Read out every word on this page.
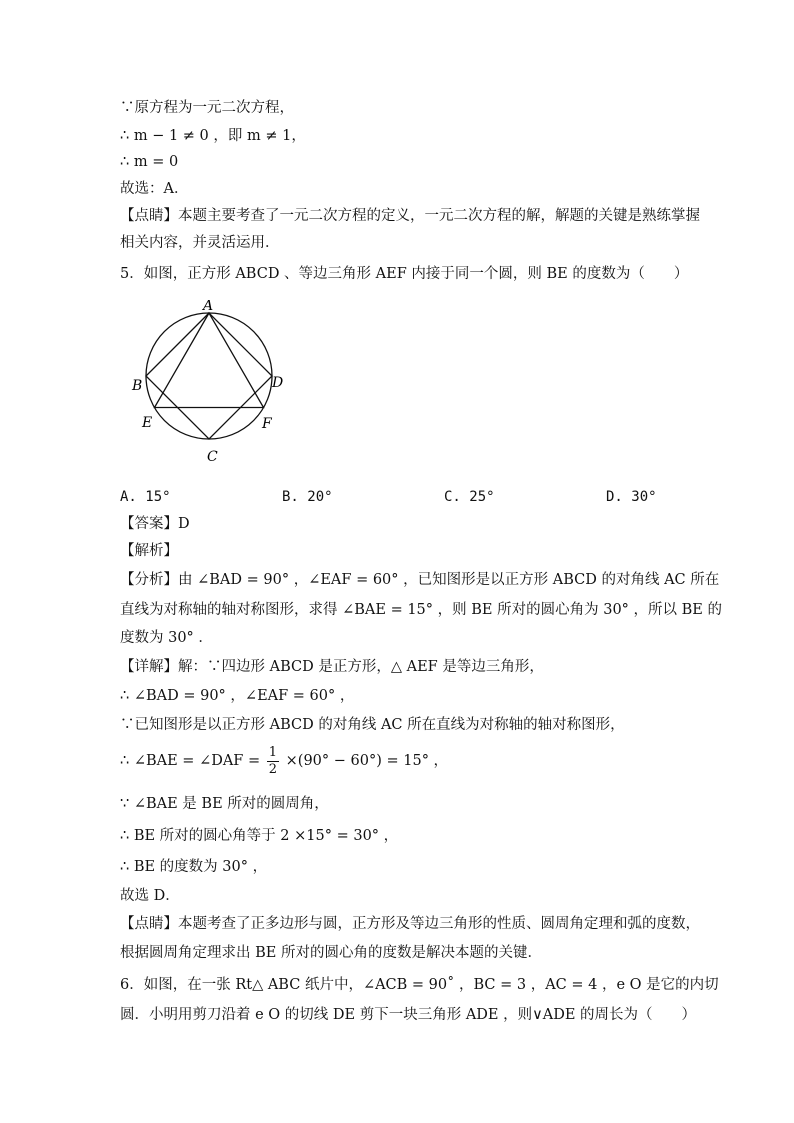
∵原方程为一元二次方程，
∴ m − 1 ≠ 0 ，即 m ≠ 1，
∴ m = 0
故选：A．
【点睛】本题主要考查了一元二次方程的定义，一元二次方程的解，解题的关键是熟练掌握
相关内容，并灵活运用．
5．如图，正方形 ABCD 、等边三角形 AEF 内接于同一个圆，则 BE 的度数为（　　）
A
B	D
E	F
C
A. 15°	B. 20°	C. 25°	D. 30°
【答案】D
【解析】
【分析】由 ∠BAD = 90° ，∠EAF = 60° ，已知图形是以正方形 ABCD 的对角线 AC 所在
直线为对称轴的轴对称图形，求得 ∠BAE = 15° ，则 BE 所对的圆心角为 30° ，所以 BE 的
度数为 30° ．
【详解】解：∵四边形 ABCD 是正方形，△ AEF 是等边三角形，
∴ ∠BAD = 90° ，∠EAF = 60° ，
∵已知图形是以正方形 ABCD 的对角线 AC 所在直线为对称轴的轴对称图形，
∴ ∠BAE = ∠DAF = $\frac{1}{2} \times(90^\circ - 60^\circ) = 15^\circ$ ，
∵ ∠BAE 是 BE 所对的圆周角，
∴ BE 所对的圆心角等于 2 ×15° = 30° ，
∴ BE 的度数为 30° ，
故选 D．
【点睛】本题考查了正多边形与圆，正方形及等边三角形的性质、圆周角定理和弧的度数，
根据圆周角定理求出 BE 所对的圆心角的度数是解决本题的关键．
6．如图，在一张 Rt△ ABC 纸片中，∠ACB = 90˚ ，BC = 3 ，AC = 4 ，e O 是它的内切
圆．小明用剪刀沿着 e O 的切线 DE 剪下一块三角形 ADE ，则∨ADE 的周长为（　　）
